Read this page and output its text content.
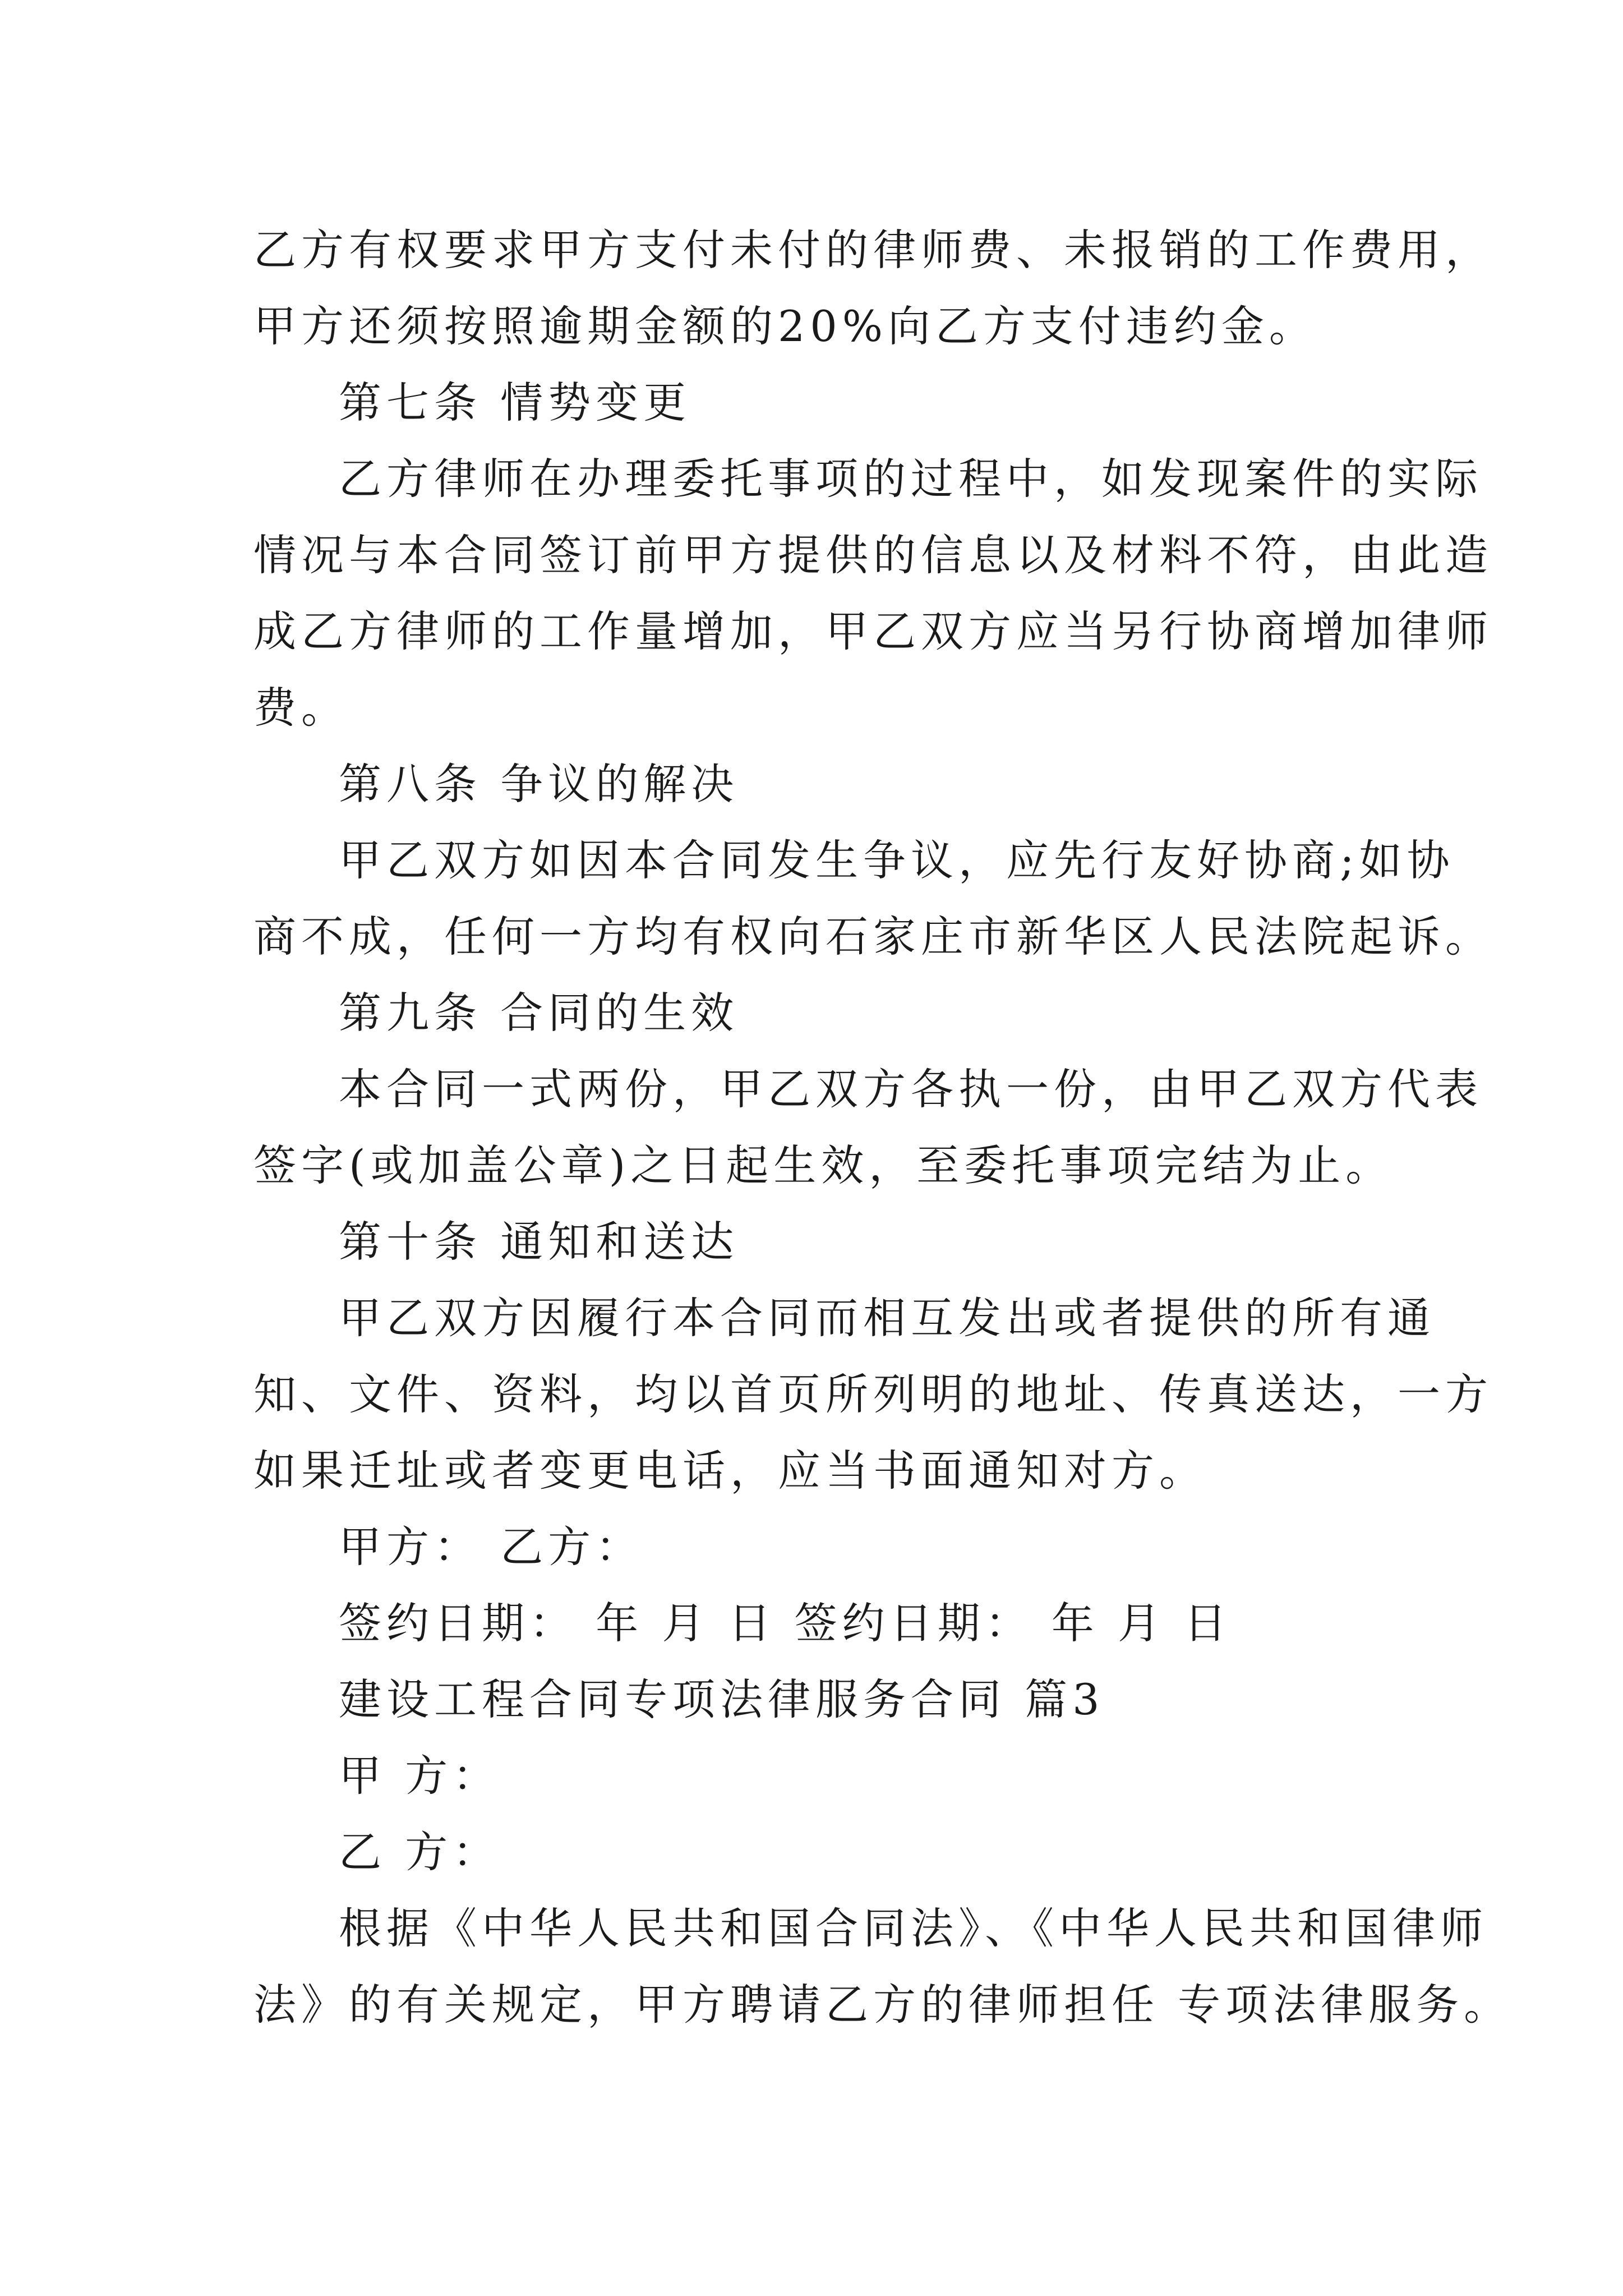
乙方有权要求甲方支付未付的律师费、未报销的工作费用，
甲方还须按照逾期金额的20%向乙方支付违约金。
第七条 情势变更
乙方律师在办理委托事项的过程中，如发现案件的实际
情况与本合同签订前甲方提供的信息以及材料不符，由此造
成乙方律师的工作量增加，甲乙双方应当另行协商增加律师
费。
第八条 争议的解决
甲乙双方如因本合同发生争议，应先行友好协商;如协
商不成，任何一方均有权向石家庄市新华区人民法院起诉。
第九条 合同的生效
本合同一式两份，甲乙双方各执一份，由甲乙双方代表
签字(或加盖公章)之日起生效，至委托事项完结为止。
第十条 通知和送达
甲乙双方因履行本合同而相互发出或者提供的所有通
知、文件、资料，均以首页所列明的地址、传真送达，一方
如果迁址或者变更电话，应当书面通知对方。
甲方： 乙方：
签约日期： 年 月 日 签约日期： 年 月 日
建设工程合同专项法律服务合同 篇3
甲 方：
乙 方：
根据《中华人民共和国合同法》、《中华人民共和国律师
法》的有关规定，甲方聘请乙方的律师担任 专项法律服务。
